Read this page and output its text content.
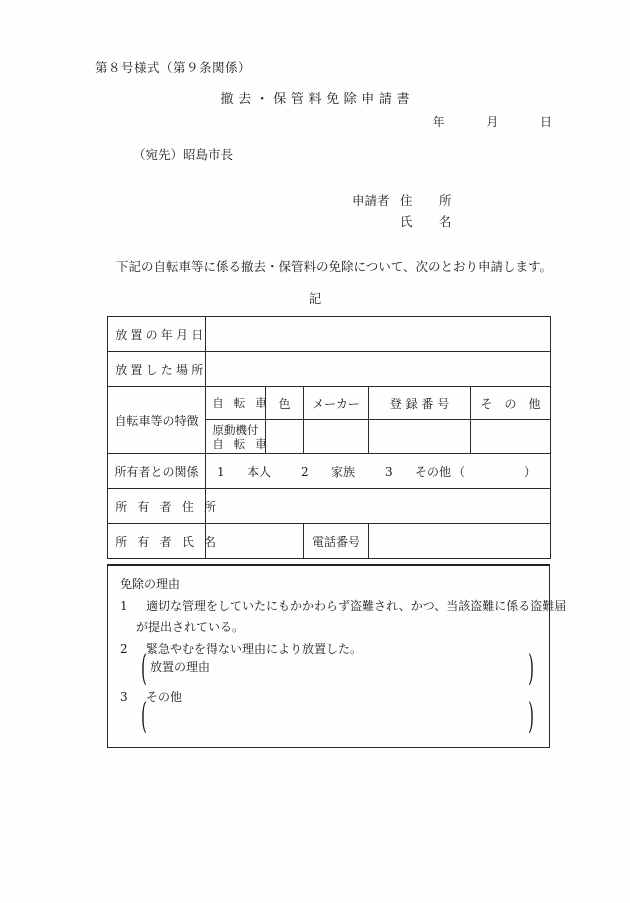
第８号様式（第９条関係）
撤去・保管料免除申請書
年	月	日
（宛先）昭島市長
申請者 住　所
氏　名
下記の自転車等に係る撤去・保管料の免除について、次のとおり申請します。
記
放置の年月日					
放置した場所					
自転車等の特徴	自 転 車	色	メーカー	登 録 番 号	そ　の　他

	原動機付
自 転 車				

所有者との関係	1 本人 2 家族 3 その他 （ ）				

所 有 者 住 所					
所 有 者 氏 名			電話番号		
免除の理由
1 適切な管理をしていたにもかかわらず盗難され、かつ、当該盗難に係る盗難届
が提出されている。
2 緊急やむを得ない理由により放置した。
( 放置の理由	)
3 その他
(	)
